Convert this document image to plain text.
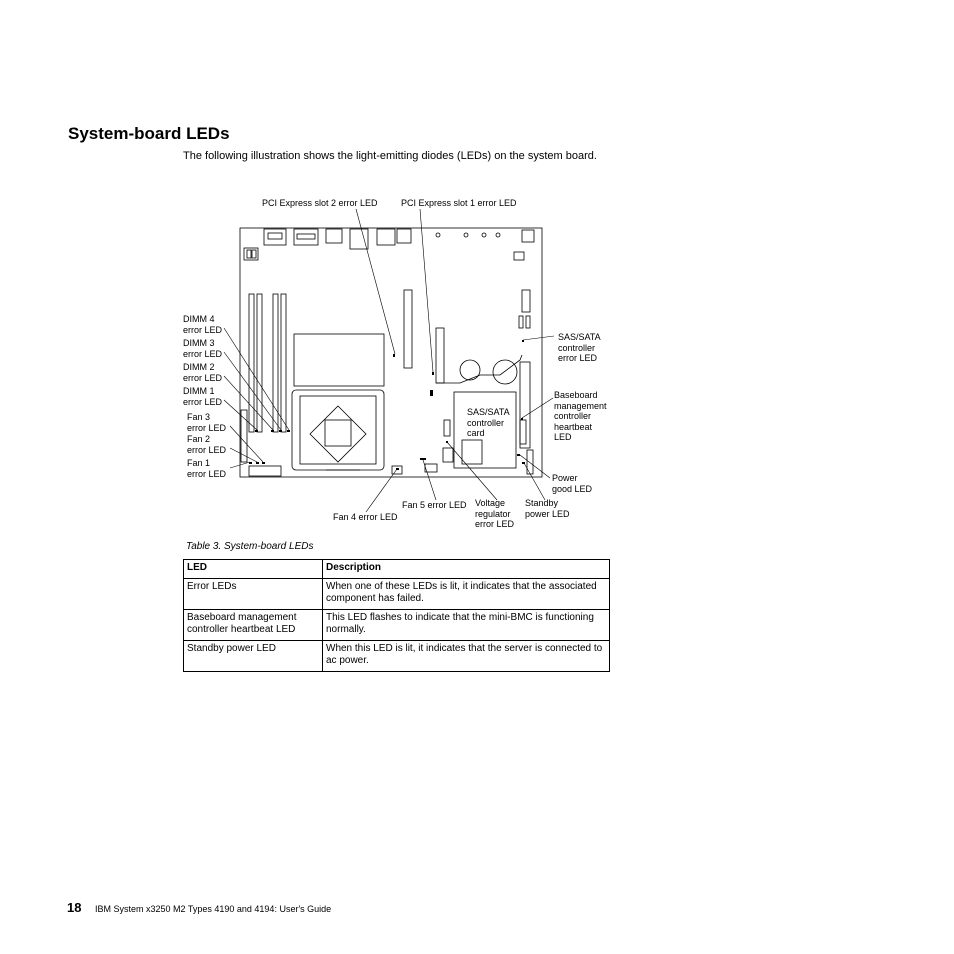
System-board LEDs

The following illustration shows the light-emitting diodes (LEDs) on the system board.

PCI Express slot 2 error LED	PCI Express slot 1 error LED
DIMM 4
error LED
DIMM 3
error LED
DIMM 2
error LED
DIMM 1
error LED
Fan 3
error LED
Fan 2
error LED
Fan 1
error LED
SAS/SATA
controller
error LED
Baseboard
management
controller
heartbeat
LED
SAS/SATA
controller
card
Power
good LED
Standby
power LED
Voltage
regulator
error LED
Fan 5 error LED
Fan 4 error LED
Table 3. System-board LEDs
LED	Description
Error LEDs	When one of these LEDs is lit, it indicates that the associated component has failed.
Baseboard management controller heartbeat LED	This LED flashes to indicate that the mini-BMC is functioning normally.
Standby power LED	When this LED is lit, it indicates that the server is connected to ac power.
18 IBM System x3250 M2 Types 4190 and 4194: User's Guide
